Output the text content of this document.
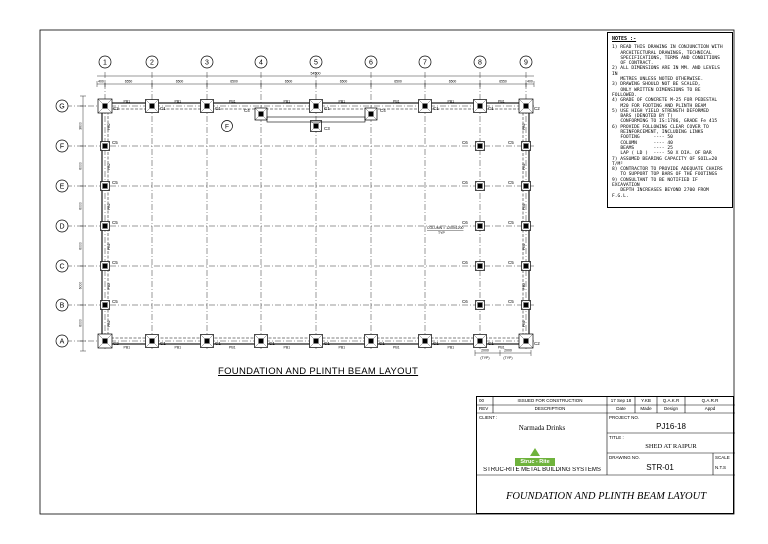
1	2	3	4	5	6	7	8	9
G
F
E
D
C
B
A
54500
400	6550	6500	6500	6500	6500	6500	6500	6550	400
3600
6000
6000
6000
6000
6000
C2
C2
C1
C1
C1
C1	C1
C1
C1	C1
C1
C1
C1
C1
C2
C2
C4	C4
C3
F
C5	C5
C6
C5	C5
C6
C5	C5
C6
C5	C5
C6
C5	C5
C6
PB1
PB1
PB1
PB1
PB1
PB1
PB1
PB1
PB1
PB1
PB1
PB1
PB1
PB1
PB1
PB1
PB2	PB2
PB2	PB2
PB2	PB2
PB2	PB2
PB2	PB2
PB2	PB2
COLUMN = 1200x1200
TYP
2000
(TYP)
2000
(TYP)
NOTES :-
1) READ THIS DRAWING IN CONJUNCTION WITH
ARCHITECTURAL DRAWINGS, TECHNICAL
SPECIFICATIONS, TERMS AND CONDITIONS
OF CONTRACT.
2) ALL DIMENSIONS ARE IN MM. AND LEVELS IN
METRES UNLESS NOTED OTHERWISE.
3) DRAWING SHOULD NOT BE SCALED,
ONLY WRITTEN DIMENSIONS TO BE FOLLOWED.
4) GRADE OF CONCRETE M-25 FOR PEDESTAL
M20 FOR FOOTING AND PLINTH BEAM
5) USE HIGH YIELD STRENGTH DEFORMED
BARS (DENOTED BY T)
CONFORMING TO IS:1786, GRADE Fe 415
6) PROVIDE FOLLOWING CLEAR COVER TO
REINFORCEMENT, INCLUDING LINKS
FOOTING     ---- 50
COLUMN      ---- 40
BEAMS       ---- 25
LAP ( LD )  ---- 50 X DIA. OF BAR
7) ASSUMED BEARING CAPACITY OF SOIL=20 T/M²
8) CONTRACTOR TO PROVIDE ADEQUATE CHAIRS
TO SUPPORT TOP BARS OF THE FOOTINGS
9) CONSULTANT TO BE NOTIFIED IF EXCAVATION
DEPTH INCREASES BEYOND 2700 FROM F.G.L.
FOUNDATION AND PLINTH BEAM LAYOUT
00	ISSUED FOR CONSTRUCTION	17 Sep 18	Y.KB	Q.A.K.R	Q.A.R.R
REV	DESCRIPTION	Date	Made	Design	Appd
CLIENT :
Narmada Drinks
PROJECT NO.
PJ16-18
TITLE :
SHED AT RAIPUR
DRAWING NO.
STR-01
SCALE
N.T.S
Struc - Rite
STRUC-RITE METAL BUILDING SYSTEMS
FOUNDATION AND PLINTH BEAM LAYOUT
